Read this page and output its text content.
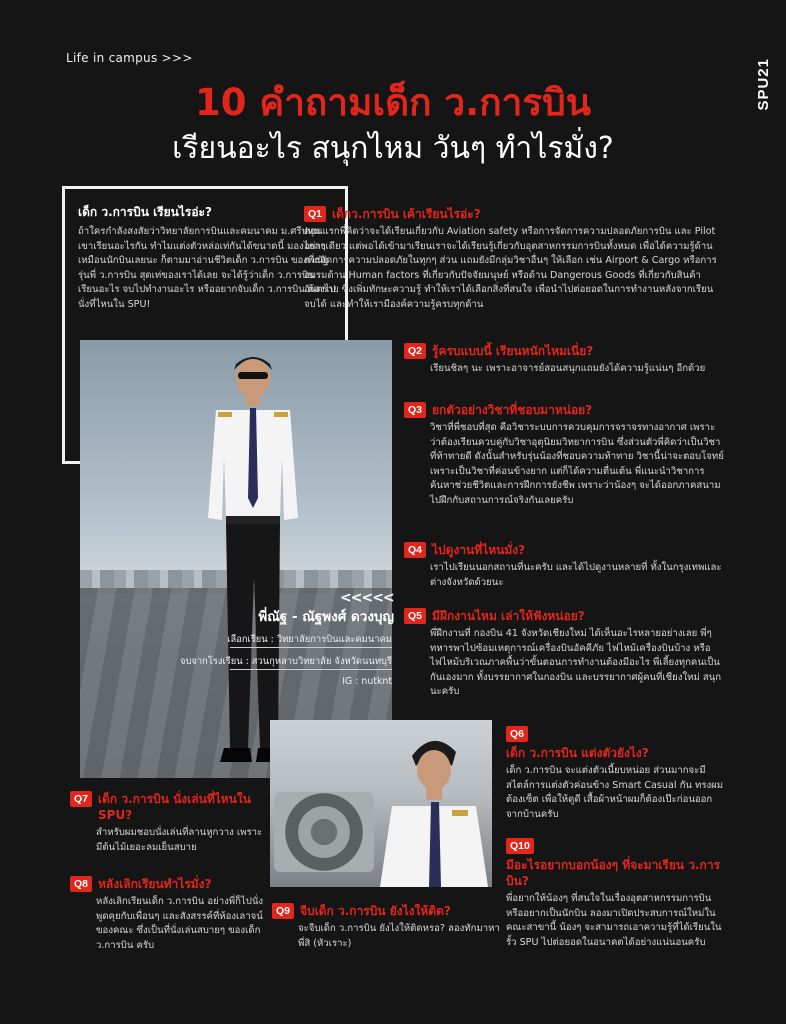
Life in campus >>>	SPU21
10 คำถามเด็ก ว.การบิน
เรียนอะไร สนุกไหม วันๆ ทำไรมั่ง?
เด็ก ว.การบิน เรียนไรอ่ะ?

ถ้าใครกำลังสงสัยว่าวิทยาลัยการบินและคมนาคม ม.ศรีปทุม เขาเรียนอะไรกัน ทำไมแต่งตัวหล่อเท่กันได้ขนาดนี้ มองไกลๆ เหมือนนักบินเลยนะ ก็ตามมาอ่านชีวิตเด็ก ว.การบิน ของพี่ณัฐ รุ่นพี่ ว.การบิน สุดเท่ของเราได้เลย จะได้รู้ว่าเด็ก ว.การบิน เรียนอะไร จบไปทำงานอะไร หรืออยากจับเด็ก ว.การบิน ต้องไปนั่งที่ไหนใน SPU!

<<<<<
พี่ณัฐ - ณัฐพงศ์ ดวงบุญ
เลือกเรียน : วิทยาลัยการบินและคมนาคม
จบจากโรงเรียน : สวนกุหลาบวิทยาลัย จังหวัดนนทบุรี
IG : nutknt
Q1 เด็กว.การบิน เค้าเรียนไรอ่ะ?

ตอนแรกพี่คิดว่าจะได้เรียนเกี่ยวกับ Aviation safety หรือการจัดการความปลอดภัยการบิน และ Pilot อย่างเดียว แต่พอได้เข้ามาเรียนเราจะได้เรียนรู้เกี่ยวกับอุตสาหกรรมการบินทั้งหมด เพื่อได้ความรู้ด้านการจัดการความปลอดภัยในทุกๆ ส่วน แถมยังมีกลุ่มวิชาอื่นๆ ให้เลือก เช่น Airport & Cargo หรือการอบรมด้าน Human factors ที่เกี่ยวกับปัจจัยมนุษย์ หรือด้าน Dangerous Goods ที่เกี่ยวกับสินค้าอันตราย ซึ่งเพิ่มทักษะความรู้ ทำให้เราได้เลือกสิ่งที่สนใจ เพื่อนำไปต่อยอดในการทำงานหลังจากเรียนจบได้ และทำให้เรามีองค์ความรู้ครบทุกด้าน

Q2 รู้ครบแบบนี้ เรียนหนักไหมเนี่ย?

เรียนชิลๆ นะ เพราะอาจารย์สอนสนุกแถมยังได้ความรู้แน่นๆ อีกด้วย

Q3 ยกตัวอย่างวิชาที่ชอบมาหน่อย?

วิชาที่พี่ชอบที่สุด คือวิชาระบบการควบคุมการจราจรทางอากาศ เพราะว่าต้องเรียนควบคู่กับวิชาอุตุนิยมวิทยาการบิน ซึ่งส่วนตัวพี่คิดว่าเป็นวิชาที่ท้าทายดี ดังนั้นสำหรับรุ่นน้องที่ชอบความท้าทาย วิชานี้น่าจะตอบโจทย์ เพราะเป็นวิชาที่ค่อนข้างยาก แต่ก็ได้ความตื่นเต้น พี่แนะนำวิชาการค้นหาช่วยชีวิตและการฝึกการยังชีพ เพราะว่าน้องๆ จะได้ออกภาคสนามไปฝึกกับสถานการณ์จริงกันเลยครับ

Q4 ไปดูงานที่ไหนมั่ง?

เราไปเรียนนอกสถานที่นะครับ และได้ไปดูงานหลายที่ ทั้งในกรุงเทพและต่างจังหวัดด้วยนะ

Q5 มีฝึกงานไหม เล่าให้ฟังหน่อย?

พี่ฝึกงานที่ กองบิน 41 จังหวัดเชียงใหม่ ได้เห็นอะไรหลายอย่างเลย พี่ๆ ทหารพาไปซ้อมเหตุการณ์เครื่องบินอัคคีภัย ไฟไหม้เครื่องบินบ้าง หรือ ไฟไหม้บริเวณภาคพื้นว่าขั้นตอนการทำงานต้องมีอะไร พี่เลี้ยงทุกคนเป็นกันเองมาก ทั้งบรรยากาศในกองบิน และบรรยากาศผู้คนที่เชียงใหม่ สนุกนะครับ

Q6
เด็ก ว.การบิน แต่งตัวยังไง?

เด็ก ว.การบิน จะแต่งตัวเนี้ยบหน่อย ส่วนมากจะมีสไตล์การแต่งตัวค่อนข้าง Smart Casual กัน ทรงผมต้องเซ็ต เพื่อให้ดูดี เสื้อผ้าหน้าผมก็ต้องเป๊ะก่อนออกจากบ้านครับ

Q10
มีอะไรอยากบอกน้องๆ ที่จะมาเรียน ว.การบิน?

พี่อยากให้น้องๆ ที่สนใจในเรื่องอุตสาหกรรมการบินหรืออยากเป็นนักบิน ลองมาเปิดประสบการณ์ใหม่ในคณะสาขานี้ น้องๆ จะสามารถเอาความรู้ที่ได้เรียนในรั้ว SPU ไปต่อยอดในอนาคตได้อย่างแน่นอนครับ

Q7 เด็ก ว.การบิน นั่งเล่นที่ไหนใน SPU?

สำหรับผมชอบนั่งเล่นที่ลานหูกวาง เพราะมีต้นไม้เยอะลมเย็นสบาย

Q8 หลังเลิกเรียนทำไรมั่ง?

หลังเลิกเรียนเด็ก ว.การบิน อย่างพี่ก็ไปนั่งพูดคุยกับเพื่อนๆ และสังสรรค์ที่ห้องเลาจน์ของคณะ ซึ่งเป็นที่นั่งเล่นสบายๆ ของเด็ก ว.การบิน ครับ

Q9 จีบเด็ก ว.การบิน ยังไงให้ติด?

จะจีบเด็ก ว.การบิน ยังไงให้ติดหรอ? ลองทักมาหาพี่สิ (หัวเราะ)
